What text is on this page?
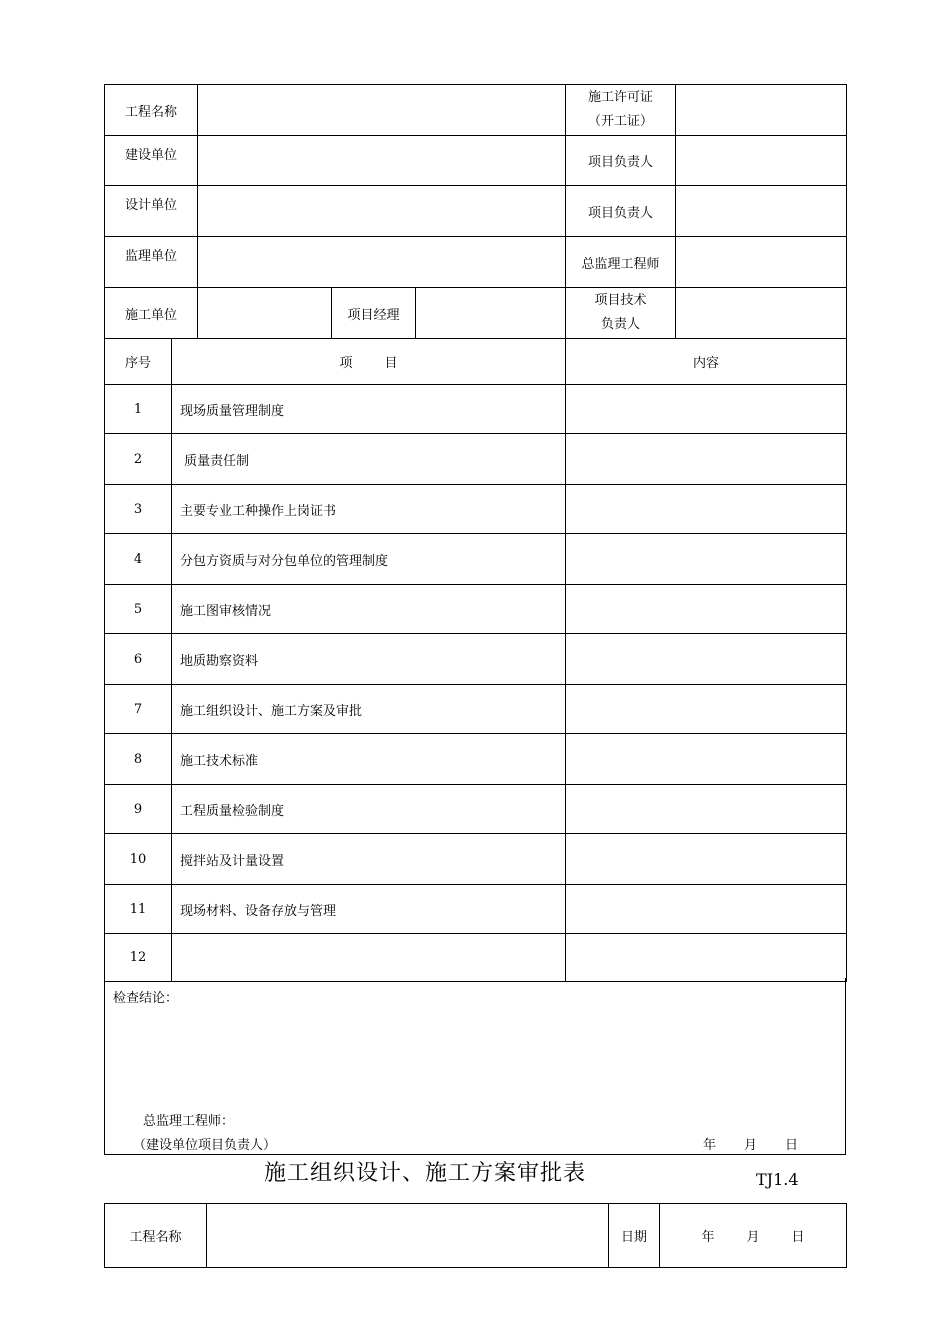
工程名称				施工许可证
（开工证）	

建设单位				项目负责人	
设计单位				项目负责人	
监理单位				总监理工程师	
施工单位		项目经理		项目技术
负责人	

序号	项 目	内容
1	现场质量管理制度	
2	质量责任制	
3	主要专业工种操作上岗证书	
4	分包方资质与对分包单位的管理制度	
5	施工图审核情况	
6	地质勘察资料	
7	施工组织设计、施工方案及审批	
8	施工技术标准	
9	工程质量检验制度	
10	搅拌站及计量设置	
11	现场材料、设备存放与管理	
12		
检查结论：
总监理工程师：
（建设单位项目负责人）	年 月 日
施工组织设计、施工方案审批表	TJ1.4
工程名称		日期	年 月 日
